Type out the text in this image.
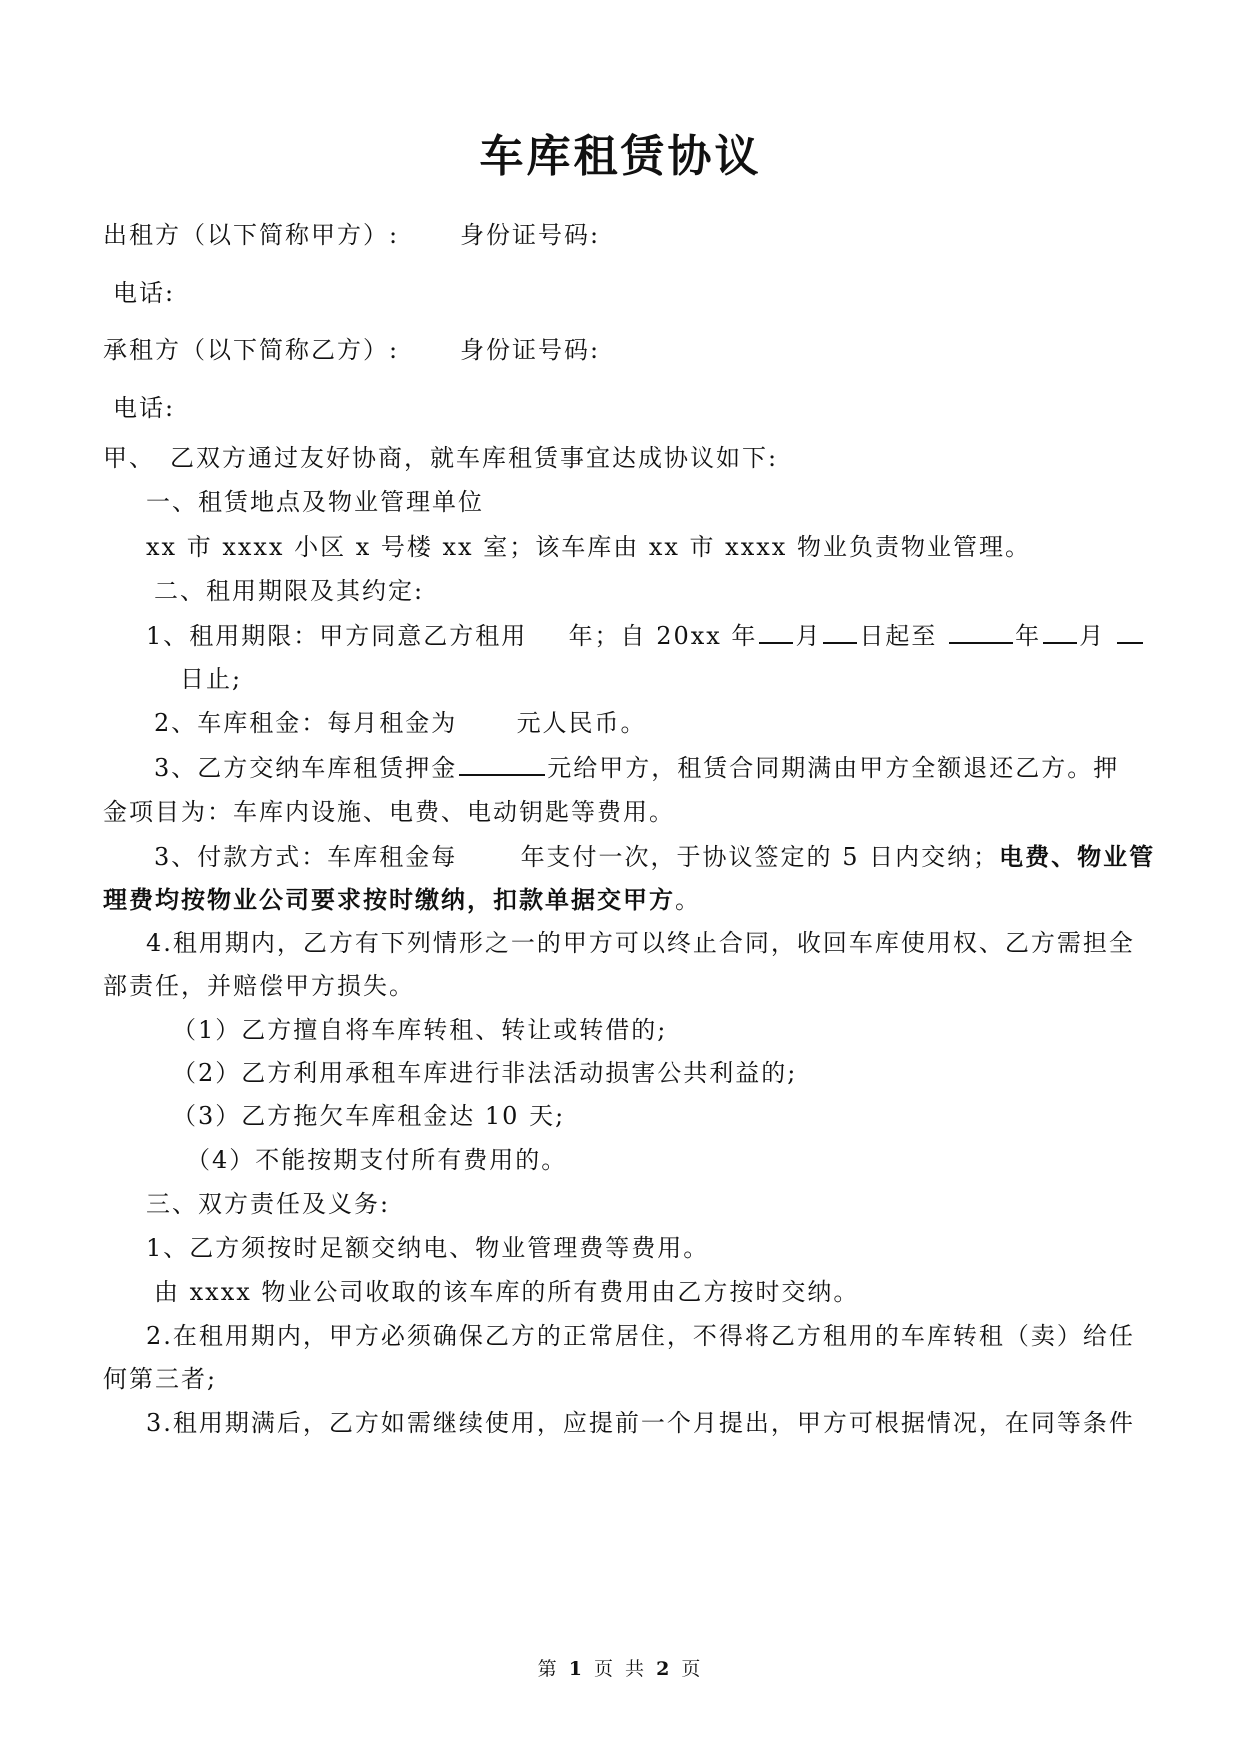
车库租赁协议
出租方（以下简称甲方）:	身份证号码:
电话:
承租方（以下简称乙方）:	身份证号码:
电话:
甲、 乙双方通过友好协商，就车库租赁事宜达成协议如下:
一、租赁地点及物业管理单位
xx 市 xxxx 小区 x 号楼 xx 室；该车库由 xx 市 xxxx 物业负责物业管理。
二、租用期限及其约定:
1、租用期限：甲方同意乙方租用 年；自 20xx 年 月 日起至	年 月
日止;
2、车库租金：每月租金为 元人民币。
3、乙方交纳车库租赁押金	元给甲方，租赁合同期满由甲方全额退还乙方。押
金项目为：车库内设施、电费、电动钥匙等费用。
3、付款方式：车库租金每	年支付一次，于协议签定的 5 日内交纳；电费、物业管
理费均按物业公司要求按时缴纳，扣款单据交甲方。
4.租用期内，乙方有下列情形之一的甲方可以终止合同，收回车库使用权、乙方需担全
部责任，并赔偿甲方损失。
（1）乙方擅自将车库转租、转让或转借的;
（2）乙方利用承租车库进行非法活动损害公共利益的;
（3）乙方拖欠车库租金达 10 天;
（4）不能按期支付所有费用的。
三、双方责任及义务:
1、乙方须按时足额交纳电、物业管理费等费用。
由 xxxx 物业公司收取的该车库的所有费用由乙方按时交纳。
2.在租用期内，甲方必须确保乙方的正常居住，不得将乙方租用的车库转租（卖）给任
何第三者;
3.租用期满后，乙方如需继续使用，应提前一个月提出，甲方可根据情况，在同等条件
第 1 页 共 2 页
